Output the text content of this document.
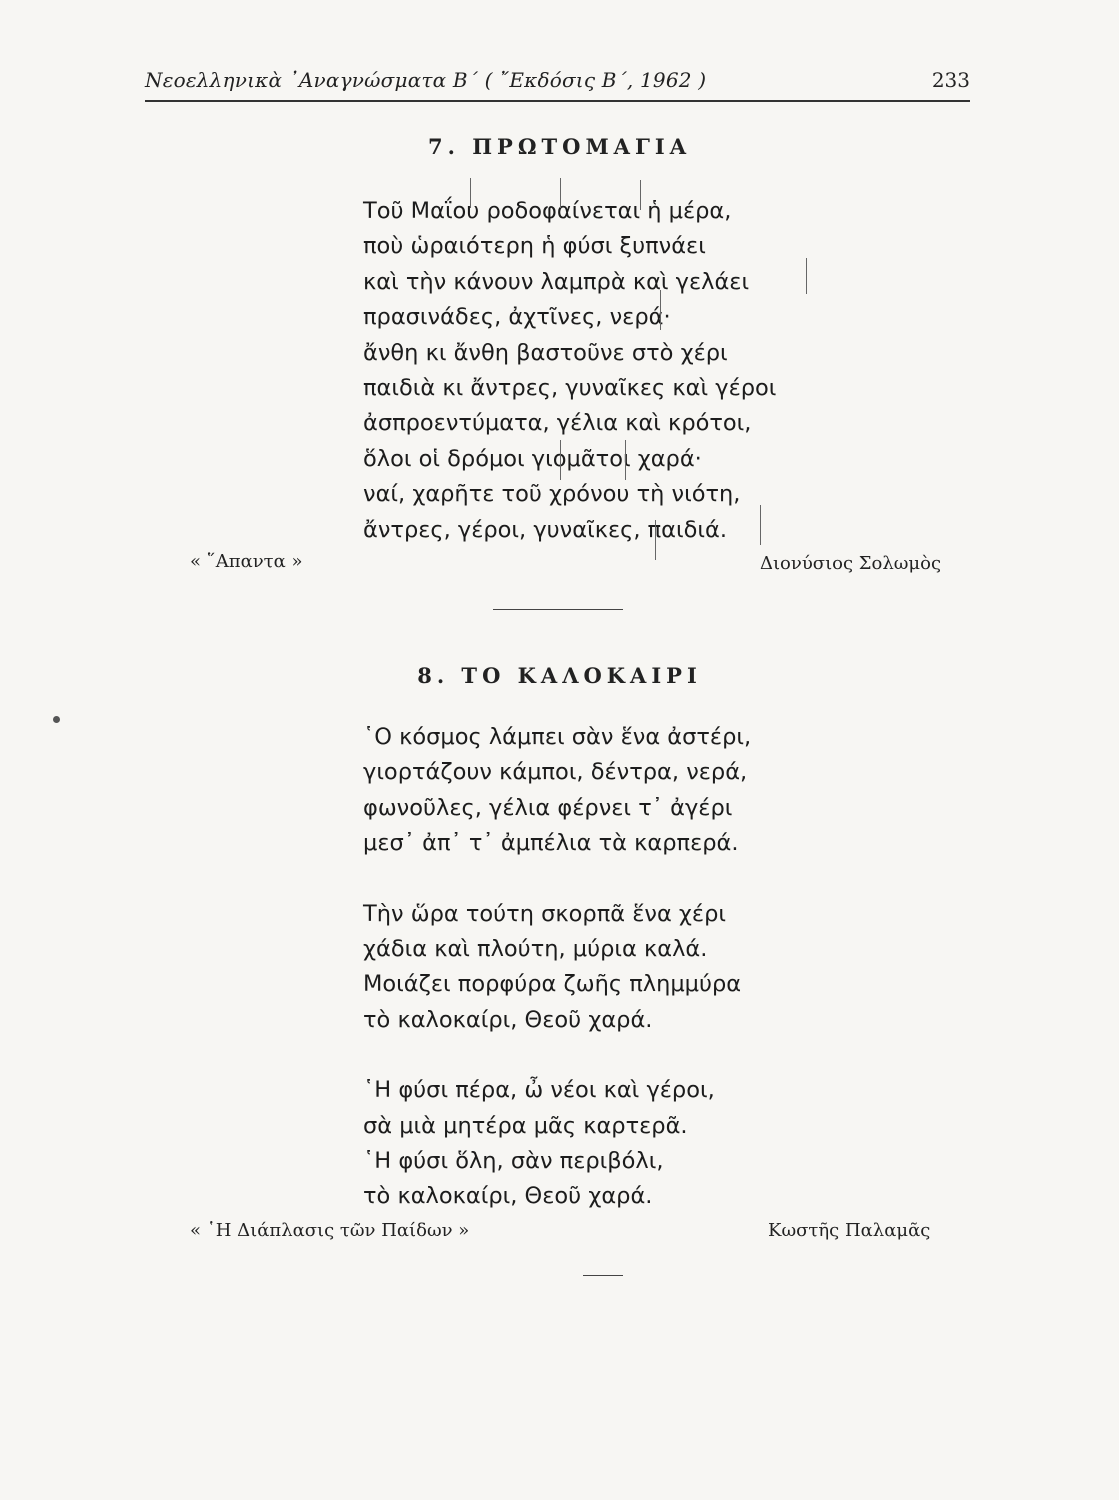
Νεοελληνικὰ ᾿Αναγνώσματα Β΄ ( ῎Εκδόσις Β΄, 1962 )	233
7. ΠΡΩΤΟΜΑΓΙΑ
Τοῦ Μαΐου ροδοφαίνεται ἡ μέρα,
ποὺ ὡραιότερη ἡ φύσι ξυπνάει
καὶ τὴν κάνουν λαμπρὰ καὶ γελάει
πρασινάδες, ἀχτῖνες, νερά·
ἄνθη κι ἄνθη βαστοῦνε στὸ χέρι
παιδιὰ κι ἄντρες, γυναῖκες καὶ γέροι
ἀσπροεντύματα, γέλια καὶ κρότοι,
ὅλοι οἱ δρόμοι γιομᾶτοι χαρά·
ναί, χαρῆτε τοῦ χρόνου τὴ νιότη,
ἄντρες, γέροι, γυναῖκες, παιδιά.
« ῞Απαντα »	Διονύσιος Σολωμὸς
8. ΤΟ ΚΑΛΟΚΑΙΡΙ
῾Ο κόσμος λάμπει σὰν ἕνα ἀστέρι,
γιορτάζουν κάμποι, δέντρα, νερά,
φωνοῦλες, γέλια φέρνει τ᾿ ἀγέρι
μεσ᾿ ἀπ᾿ τ᾿ ἀμπέλια τὰ καρπερά.
Τὴν ὥρα τούτη σκορπᾶ ἕνα χέρι
χάδια καὶ πλούτη, μύρια καλά.
Μοιάζει πορφύρα ζωῆς πλημμύρα
τὸ καλοκαίρι, Θεοῦ χαρά.
῾Η φύσι πέρα, ὦ νέοι καὶ γέροι,
σὰ μιὰ μητέρα μᾶς καρτερᾶ.
῾Η φύσι ὅλη, σὰν περιβόλι,
τὸ καλοκαίρι, Θεοῦ χαρά.
« ῾Η Διάπλασις τῶν Παίδων »	Κωστῆς Παλαμᾶς
